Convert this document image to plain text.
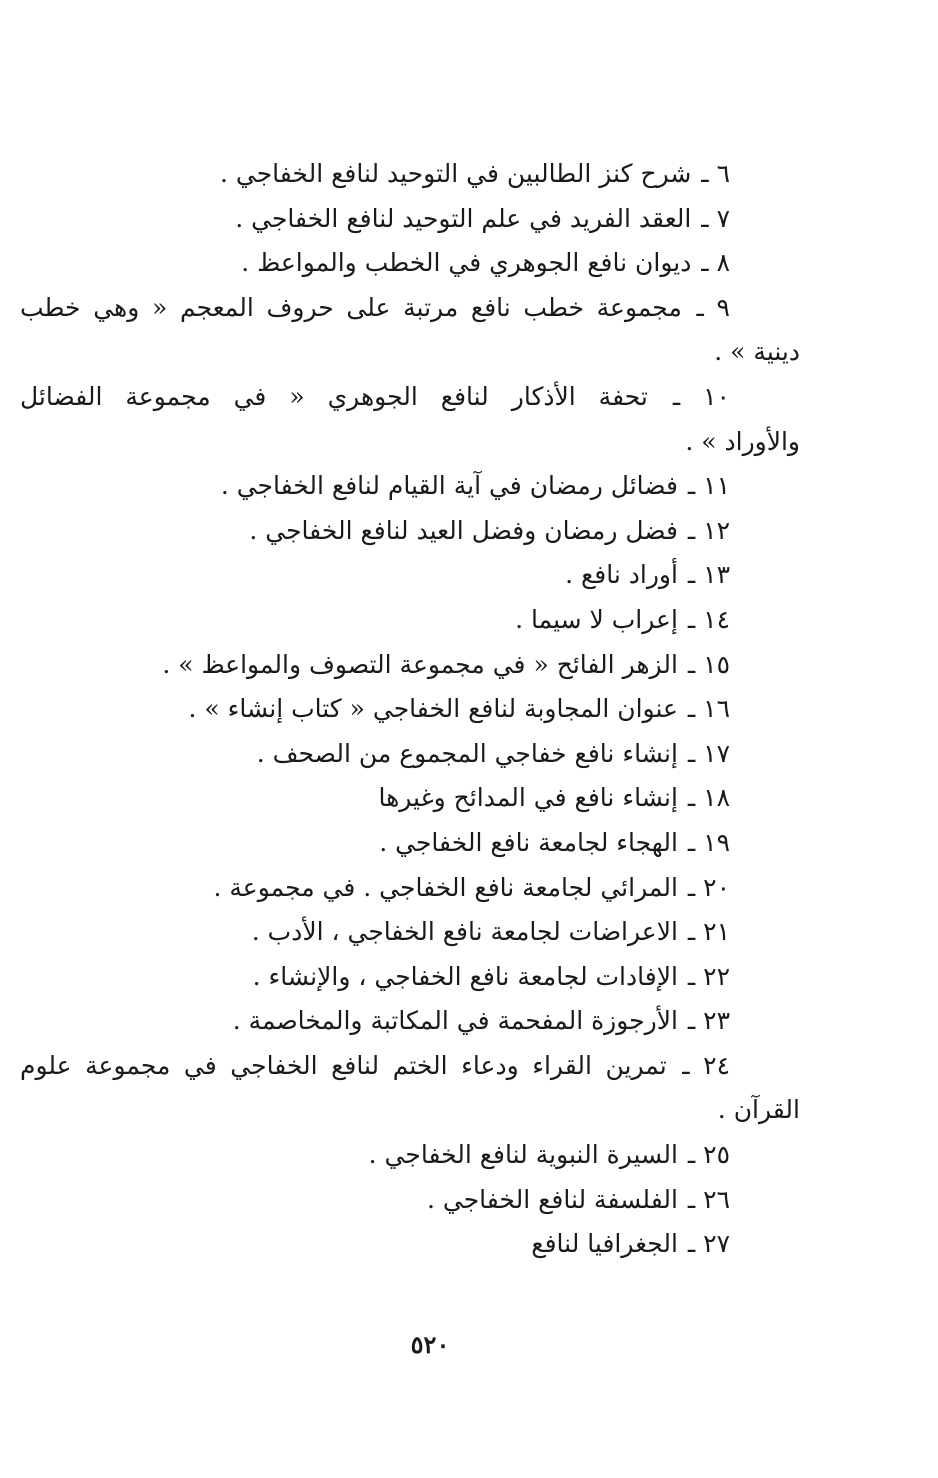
٦ ـ شرح كنز الطالبين في التوحيد لنافع الخفاجي .
٧ ـ العقد الفريد في علم التوحيد لنافع الخفاجي .
٨ ـ ديوان نافع الجوهري في الخطب والمواعظ .
٩ ـ مجموعة خطب نافع مرتبة على حروف المعجم « وهي خطب
دينية » .
١٠ ـ تحفة الأذكار لنافع الجوهري « في مجموعة الفضائل
والأوراد » .
١١ ـ فضائل رمضان في آية القيام لنافع الخفاجي .
١٢ ـ فضل رمضان وفضل العيد لنافع الخفاجي .
١٣ ـ أوراد نافع .
١٤ ـ إعراب لا سيما .
١٥ ـ الزهر الفائح « في مجموعة التصوف والمواعظ » .
١٦ ـ عنوان المجاوبة لنافع الخفاجي « كتاب إنشاء » .
١٧ ـ إنشاء نافع خفاجي المجموع من الصحف .
١٨ ـ إنشاء نافع في المدائح وغيرها
١٩ ـ الهجاء لجامعة نافع الخفاجي .
٢٠ ـ المرائي لجامعة نافع الخفاجي . في مجموعة .
٢١ ـ الاعراضات لجامعة نافع الخفاجي ، الأدب .
٢٢ ـ الإفادات لجامعة نافع الخفاجي ، والإنشاء .
٢٣ ـ الأرجوزة المفحمة في المكاتبة والمخاصمة .
٢٤ ـ تمرين القراء ودعاء الختم لنافع الخفاجي في مجموعة علوم
القرآن .
٢٥ ـ السيرة النبوية لنافع الخفاجي .
٢٦ ـ الفلسفة لنافع الخفاجي .
٢٧ ـ الجغرافيا لنافع
٥٢٠
